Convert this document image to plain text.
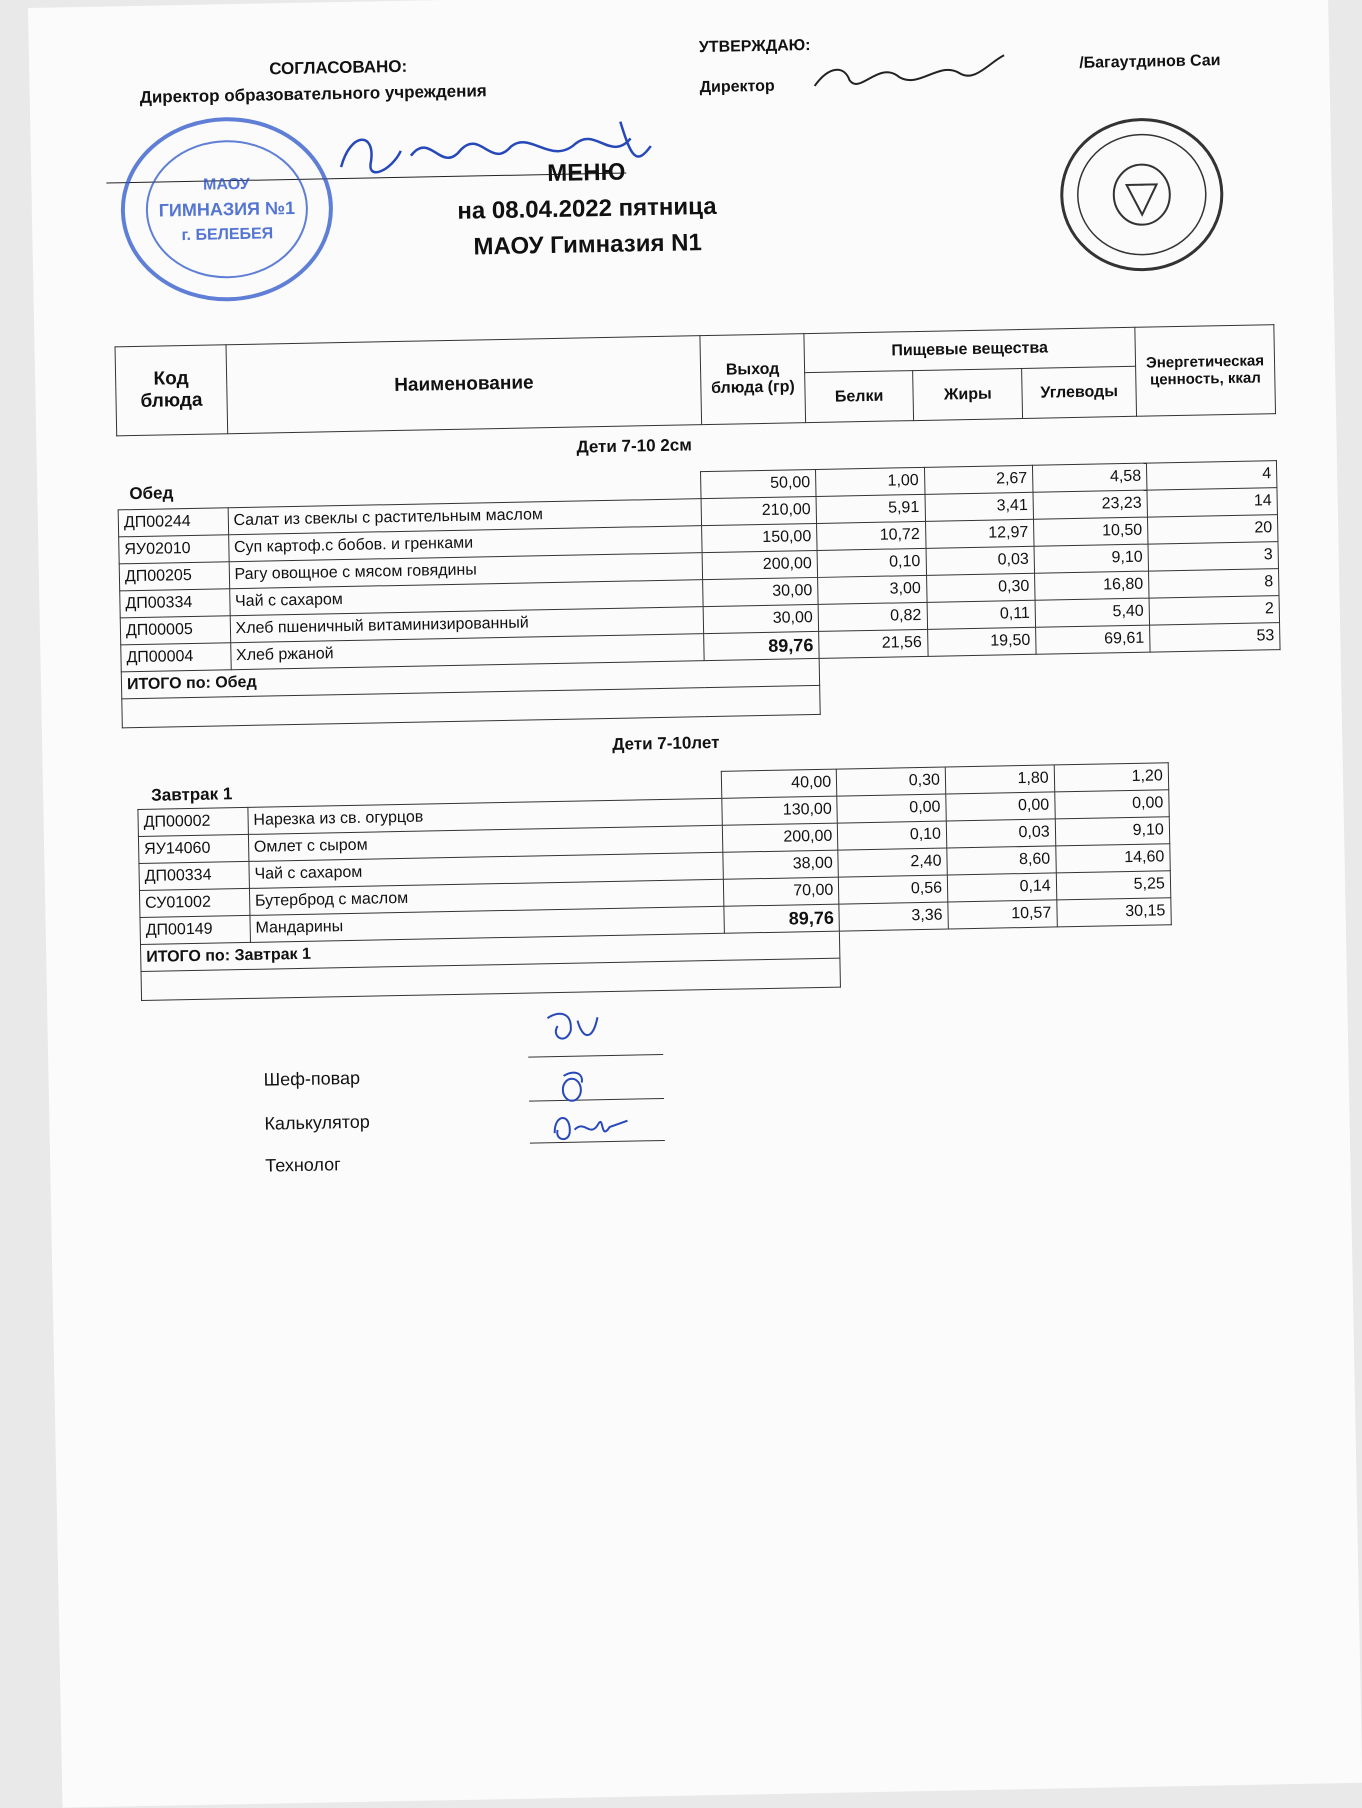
СОГЛАСОВАНО:
Директор образовательного учреждения
МАОУ
ГИМНАЗИЯ №1
г. БЕЛЕБЕЯ
УТВЕРЖДАЮ:
Директор
/Багаутдинов Саи
МЕНЮ
на 08.04.2022 пятница
МАОУ Гимназия N1
Код блюда	Наименование	Выход блюда (гр)	Пищевые вещества			Энергетическая ценность, ккал
			Белки	Жиры	Углеводы	
Дети 7-10 2см
Обед
		50,00	1,00	2,67	4,58	4
ДП00244	Салат из свеклы с растительным маслом	210,00	5,91	3,41	23,23	14
ЯУ02010	Суп картоф.с бобов. и гренками	150,00	10,72	12,97	10,50	20
ДП00205	Рагу овощное с мясом говядины	200,00	0,10	0,03	9,10	3
ДП00334	Чай с сахаром	30,00	3,00	0,30	16,80	8
ДП00005	Хлеб пшеничный витаминизированный	30,00	0,82	0,11	5,40	2
ДП00004	Хлеб ржаной	89,76	21,56	19,50	69,61	53
ИТОГО по: Обед						

Дети 7-10лет
Завтрак 1
		40,00	0,30	1,80	1,20	
ДП00002	Нарезка из св. огурцов	130,00	0,00	0,00	0,00	
ЯУ14060	Омлет с сыром	200,00	0,10	0,03	9,10	
ДП00334	Чай с сахаром	38,00	2,40	8,60	14,60	
СУ01002	Бутерброд с маслом	70,00	0,56	0,14	5,25	
ДП00149	Мандарины	89,76	3,36	10,57	30,15	
ИТОГО по: Завтрак 1						

Шеф-повар
Калькулятор
Технолог
